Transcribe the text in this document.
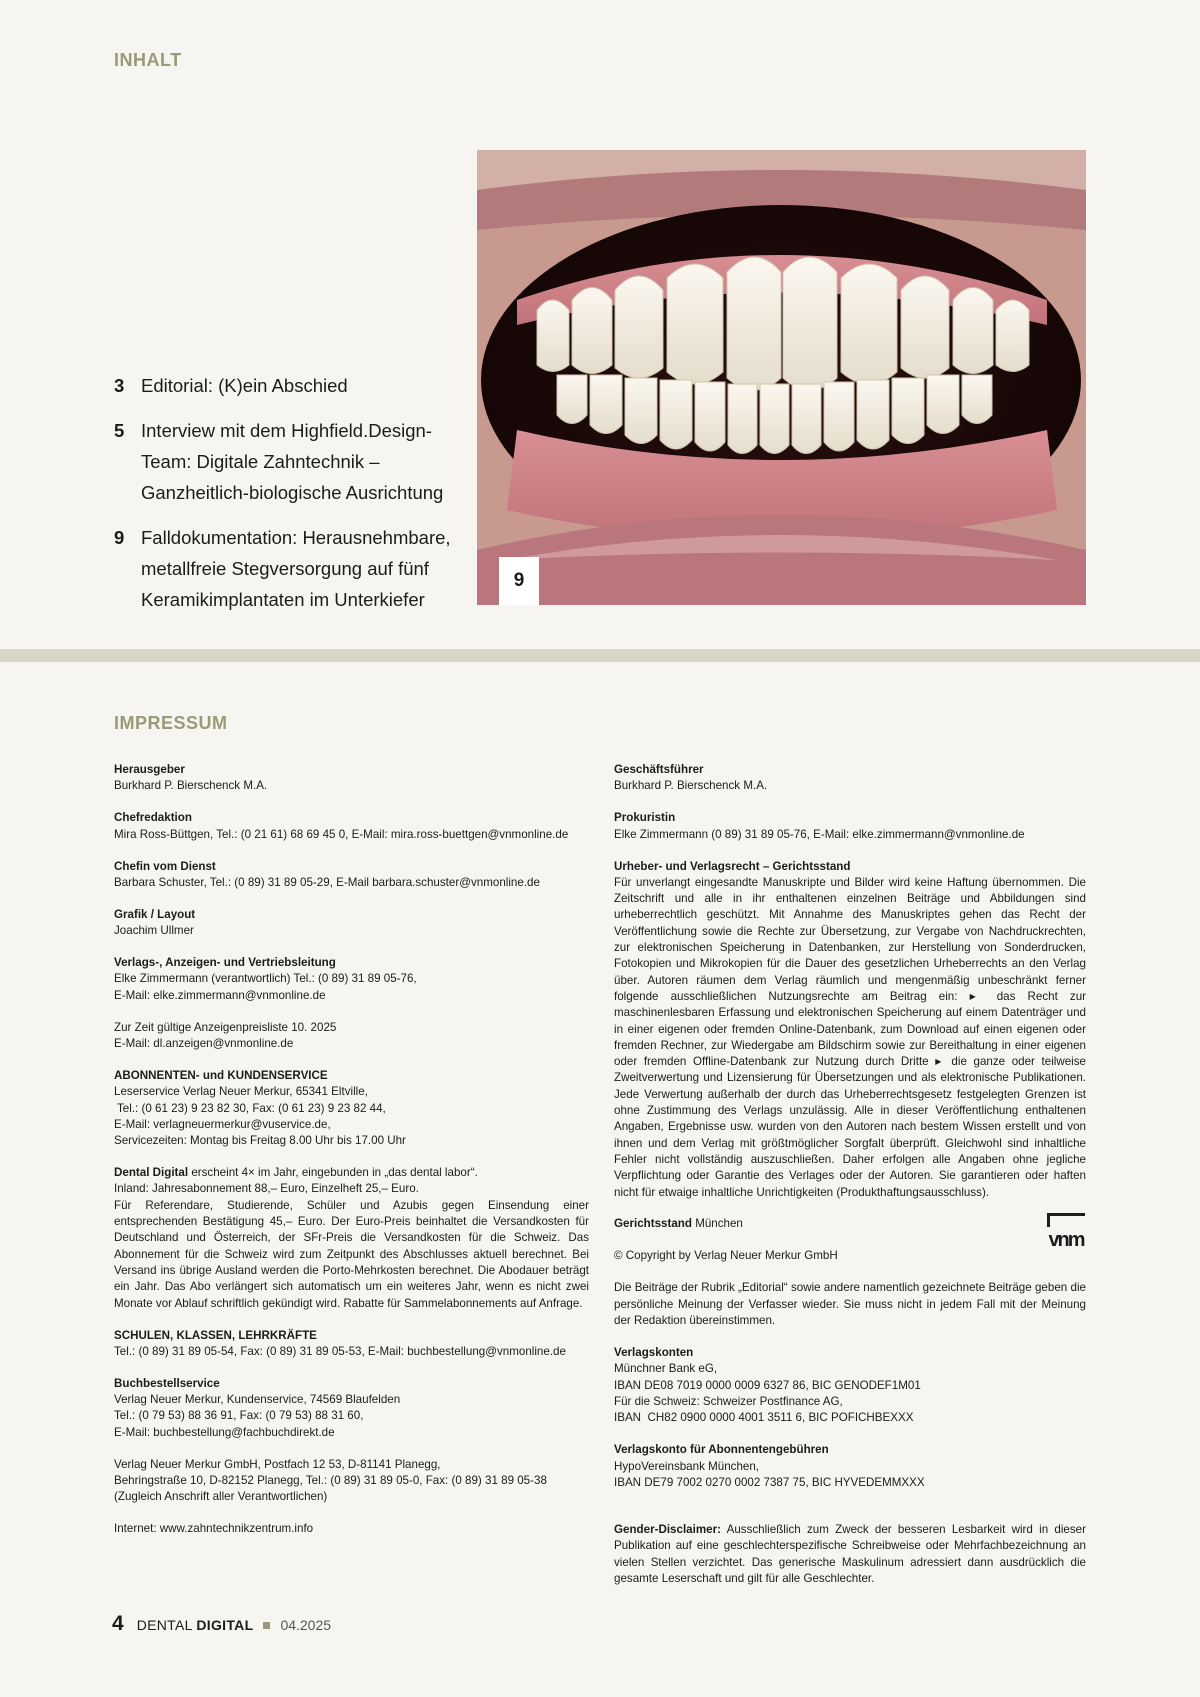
INHALT
3 Editorial: (K)ein Abschied
5 Interview mit dem Highfield.Design-Team: Digitale Zahntechnik – Ganzheitlich-biologische Ausrichtung
9 Falldokumentation: Herausnehmbare, metallfreie Stegversorgung auf fünf Keramikimplantaten im Unterkiefer
9
IMPRESSUM
Herausgeber
Burkhard P. Bierschenck M.A.
Chefredaktion
Mira Ross-Büttgen, Tel.: (0 21 61) 68 69 45 0, E-Mail: mira.ross-buettgen@vnmonline.de
Chefin vom Dienst
Barbara Schuster, Tel.: (0 89) 31 89 05-29, E-Mail barbara.schuster@vnmonline.de
Grafik / Layout
Joachim Ullmer
Verlags-, Anzeigen- und Vertriebsleitung
Elke Zimmermann (verantwortlich) Tel.: (0 89) 31 89 05-76,
E-Mail: elke.zimmermann@vnmonline.de
Zur Zeit gültige Anzeigenpreisliste 10. 2025
E-Mail: dl.anzeigen@vnmonline.de
ABONNENTEN- und KUNDENSERVICE
Leserservice Verlag Neuer Merkur, 65341 Eltville,
Tel.: (0 61 23) 9 23 82 30, Fax: (0 61 23) 9 23 82 44,
E-Mail: verlagneuermerkur@vuservice.de,
Servicezeiten: Montag bis Freitag 8.00 Uhr bis 17.00 Uhr
Dental Digital erscheint 4× im Jahr, eingebunden in „das dental labor“.
Inland: Jahresabonnement 88,– Euro, Einzelheft 25,– Euro.
Für Referendare, Studierende, Schüler und Azubis gegen Einsendung einer entsprechenden Bestätigung 45,– Euro. Der Euro-Preis beinhaltet die Versandkosten für Deutschland und Österreich, der SFr-Preis die Versandkosten für die Schweiz. Das Abonnement für die Schweiz wird zum Zeitpunkt des Abschlusses aktuell berechnet. Bei Versand ins übrige Ausland werden die Porto-Mehrkosten berechnet. Die Abodauer beträgt ein Jahr. Das Abo verlängert sich automatisch um ein weiteres Jahr, wenn es nicht zwei Monate vor Ablauf schriftlich gekündigt wird. Rabatte für Sammelabonnements auf Anfrage.
SCHULEN, KLASSEN, LEHRKRÄFTE
Tel.: (0 89) 31 89 05-54, Fax: (0 89) 31 89 05-53, E-Mail: buchbestellung@vnmonline.de
Buchbestellservice
Verlag Neuer Merkur, Kundenservice, 74569 Blaufelden
Tel.: (0 79 53) 88 36 91, Fax: (0 79 53) 88 31 60,
E-Mail: buchbestellung@fachbuchdirekt.de
Verlag Neuer Merkur GmbH, Postfach 12 53, D-81141 Planegg,
Behringstraße 10, D-82152 Planegg, Tel.: (0 89) 31 89 05-0, Fax: (0 89) 31 89 05-38
(Zugleich Anschrift aller Verantwortlichen)
Internet: www.zahntechnikzentrum.info
Geschäftsführer
Burkhard P. Bierschenck M.A.
Prokuristin
Elke Zimmermann (0 89) 31 89 05-76, E-Mail: elke.zimmermann@vnmonline.de
Urheber- und Verlagsrecht – Gerichtsstand
Für unverlangt eingesandte Manuskripte und Bilder wird keine Haftung übernommen. Die Zeitschrift und alle in ihr enthaltenen einzelnen Beiträge und Abbildungen sind urheberrechtlich geschützt. Mit Annahme des Manuskriptes gehen das Recht der Veröffentlichung sowie die Rechte zur Übersetzung, zur Vergabe von Nachdruckrechten, zur elektronischen Speicherung in Datenbanken, zur Herstellung von Sonderdrucken, Fotokopien und Mikrokopien für die Dauer des gesetzlichen Urheberrechts an den Verlag über. Autoren räumen dem Verlag räumlich und mengenmäßig unbeschränkt ferner folgende ausschließlichen Nutzungsrechte am Beitrag ein: ▶ das Recht zur maschinenlesbaren Erfassung und elektronischen Speicherung auf einem Datenträger und in einer eigenen oder fremden Online-Datenbank, zum Download auf einen eigenen oder fremden Rechner, zur Wiedergabe am Bildschirm sowie zur Bereithaltung in einer eigenen oder fremden Offline-Datenbank zur Nutzung durch Dritte ▶ die ganze oder teilweise Zweitverwertung und Lizensierung für Übersetzungen und als elektronische Publikationen. Jede Verwertung außerhalb der durch das Urheberrechtsgesetz festgelegten Grenzen ist ohne Zustimmung des Verlags unzulässig. Alle in dieser Veröffentlichung enthaltenen Angaben, Ergebnisse usw. wurden von den Autoren nach bestem Wissen erstellt und von ihnen und dem Verlag mit größtmöglicher Sorgfalt überprüft. Gleichwohl sind inhaltliche Fehler nicht vollständig auszuschließen. Daher erfolgen alle Angaben ohne jegliche Verpflichtung oder Garantie des Verlages oder der Autoren. Sie garantieren oder haften nicht für etwaige inhaltliche Unrichtigkeiten (Produkthaftungsausschluss).
Gerichtsstand München
vnm
© Copyright by Verlag Neuer Merkur GmbH
Die Beiträge der Rubrik „Editorial“ sowie andere namentlich gezeichnete Beiträge geben die persönliche Meinung der Verfasser wieder. Sie muss nicht in jedem Fall mit der Meinung der Redaktion übereinstimmen.
Verlagskonten
Münchner Bank eG,
IBAN DE08 7019 0000 0009 6327 86, BIC GENODEF1M01
Für die Schweiz: Schweizer Postfinance AG,
IBAN  CH82 0900 0000 4001 3511 6, BIC POFICHBEXXX
Verlagskonto für Abonnentengebühren
HypoVereinsbank München,
IBAN DE79 7002 0270 0002 7387 75, BIC HYVEDEMMXXX
Gender-Disclaimer: Ausschließlich zum Zweck der besseren Lesbarkeit wird in dieser Publikation auf eine geschlechterspezifische Schreibweise oder Mehrfachbezeichnung an vielen Stellen verzichtet. Das generische Maskulinum adressiert dann ausdrücklich die gesamte Leserschaft und gilt für alle Geschlechter.
4 DENTAL DIGITAL 04.2025
